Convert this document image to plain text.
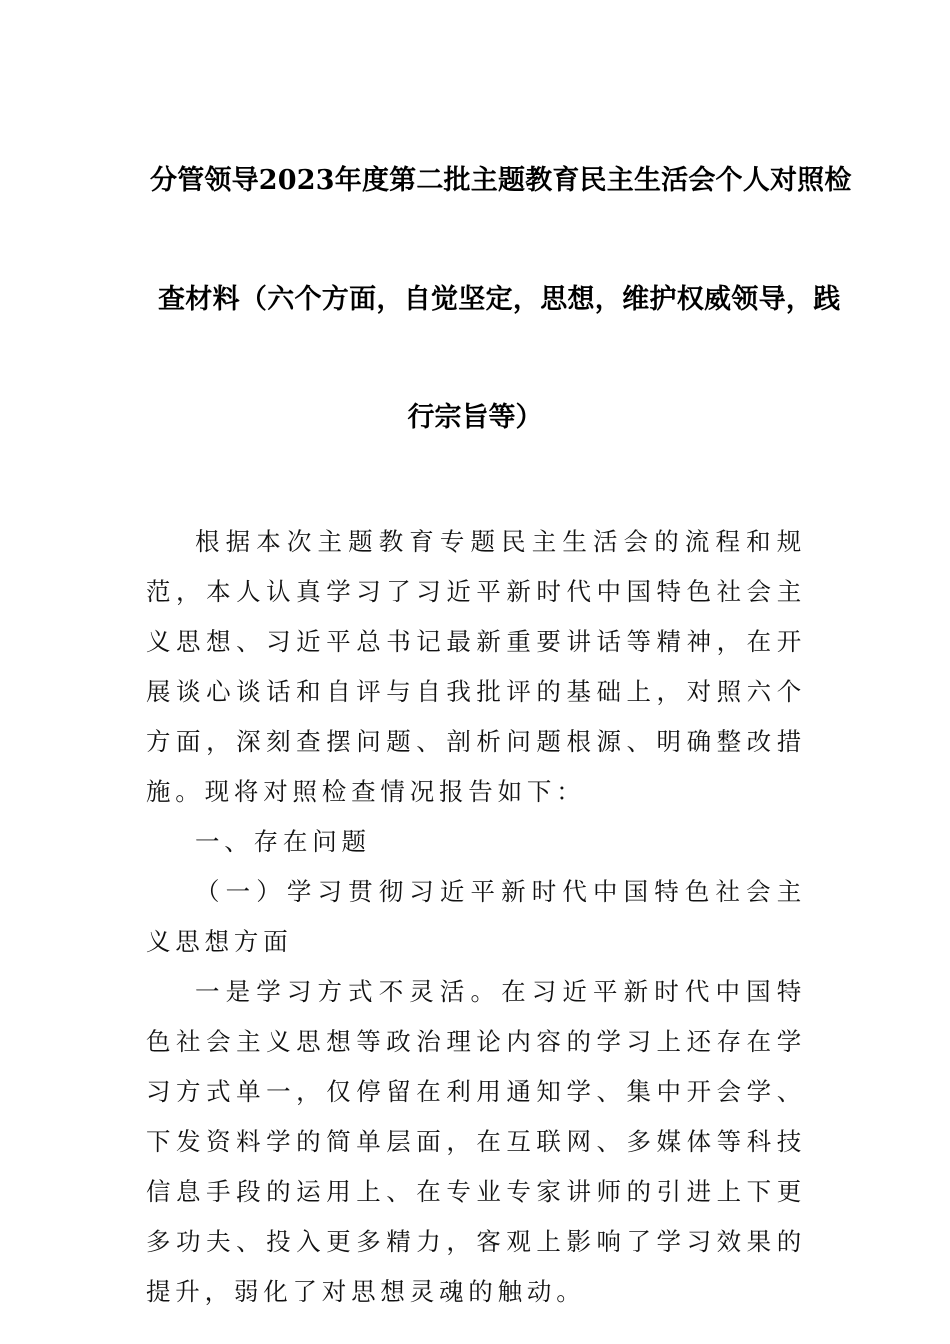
分管领导2023年度第二批主题教育民主生活会个人对照检
查材料（六个方面，自觉坚定，思想，维护权威领导，践
行宗旨等）

根据本次主题教育专题民主生活会的流程和规范，本人认真学习了习近平新时代中国特色社会主义思想、习近平总书记最新重要讲话等精神，在开展谈心谈话和自评与自我批评的基础上，对照六个方面，深刻查摆问题、剖析问题根源、明确整改措施。现将对照检查情况报告如下：

一、存在问题

（一）学习贯彻习近平新时代中国特色社会主义思想方面

一是学习方式不灵活。在习近平新时代中国特色社会主义思想等政治理论内容的学习上还存在学习方式单一，仅停留在利用通知学、集中开会学、下发资料学的简单层面，在互联网、多媒体等科技信息手段的运用上、在专业专家讲师的引进上下更多功夫、投入更多精力，客观上影响了学习效果的提升，弱化了对思想灵魂的触动。
